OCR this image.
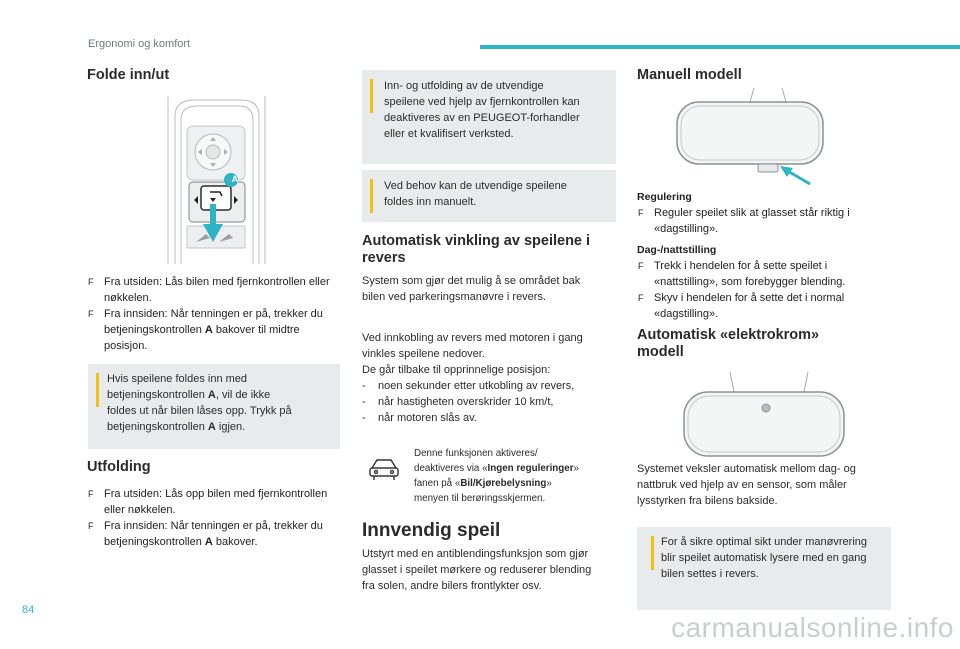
Ergonomi og komfort
Folde inn/ut
A
F Fra utsiden: Lås bilen med fjernkontrollen eller nøkkelen.
F Fra innsiden: Når tenningen er på, trekker du betjeningskontrollen A bakover til midtre posisjon.
Hvis speilene foldes inn med
betjeningskontrollen A, vil de ikke
foldes ut når bilen låses opp. Trykk på
betjeningskontrollen A igjen.
Utfolding
F Fra utsiden: Lås opp bilen med fjernkontrollen eller nøkkelen.
F Fra innsiden: Når tenningen er på, trekker du betjeningskontrollen A bakover.
Inn- og utfolding av de utvendige
speilene ved hjelp av fjernkontrollen kan
deaktiveres av en PEUGEOT-forhandler
eller et kvalifisert verksted.
Ved behov kan de utvendige speilene
foldes inn manuelt.
Automatisk vinkling av speilene i revers
System som gjør det mulig å se området bak
bilen ved parkeringsmanøvre i revers.
Ved innkobling av revers med motoren i gang
vinkles speilene nedover.
De går tilbake til opprinnelige posisjon:
-	noen sekunder etter utkobling av revers,
-	når hastigheten overskrider 10 km/t,
-	når motoren slås av.
Denne funksjonen aktiveres/
deaktiveres via «Ingen reguleringer»
fanen på «Bil/Kjørebelysning»
menyen til berøringsskjermen.
Innvendig speil
Utstyrt med en antiblendingsfunksjon som gjør
glasset i speilet mørkere og reduserer blending
fra solen, andre bilers frontlykter osv.
Manuell modell
Regulering
F Reguler speilet slik at glasset står riktig i
«dagstilling».
Dag-/nattstilling
F Trekk i hendelen for å sette speilet i
«nattstilling», som forebygger blending.
F Skyv i hendelen for å sette det i normal
«dagstilling».
Automatisk «elektrokrom» modell
Systemet veksler automatisk mellom dag- og
nattbruk ved hjelp av en sensor, som måler
lysstyrken fra bilens bakside.
For å sikre optimal sikt under manøvrering
blir speilet automatisk lysere med en gang
bilen settes i revers.
84
carmanualsonline.info
